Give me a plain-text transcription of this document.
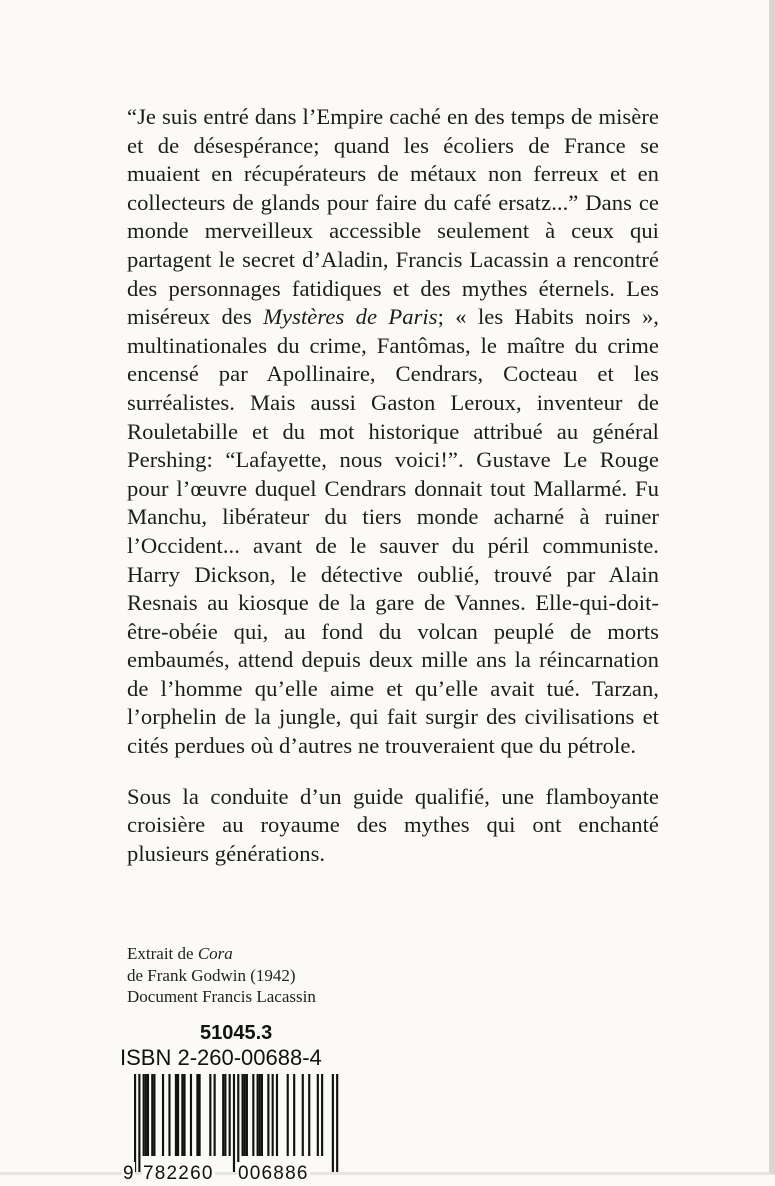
“Je suis entré dans l’Empire caché en des temps de misère et de désespérance; quand les écoliers de France se muaient en récupérateurs de métaux non ferreux et en collecteurs de glands pour faire du café ersatz...” Dans ce monde merveilleux accessible seulement à ceux qui partagent le secret d’Aladin, Francis Lacassin a rencontré des personnages fatidiques et des mythes éternels. Les miséreux des Mystères de Paris; « les Habits noirs », multinationales du crime, Fantômas, le maître du crime encensé par Apollinaire, Cendrars, Cocteau et les surréalistes. Mais aussi Gaston Leroux, inventeur de Rouletabille et du mot historique attribué au général Pershing: “Lafayette, nous voici!”. Gustave Le Rouge pour l’œuvre duquel Cendrars donnait tout Mallarmé. Fu Manchu, libérateur du tiers monde acharné à ruiner l’Occident... avant de le sauver du péril communiste. Harry Dickson, le détective oublié, trouvé par Alain Resnais au kiosque de la gare de Vannes. Elle-qui-doit-être-obéie qui, au fond du volcan peuplé de morts embaumés, attend depuis deux mille ans la réincarnation de l’homme qu’elle aime et qu’elle avait tué. Tarzan, l’orphelin de la jungle, qui fait surgir des civilisations et cités perdues où d’autres ne trouveraient que du pétrole.

Sous la conduite d’un guide qualifié, une flamboyante croisière au royaume des mythes qui ont enchanté plusieurs générations.

Extrait de Cora
de Frank Godwin (1942)
Document Francis Lacassin
51045.3
ISBN 2-260-00688-4
9 782260 006886
